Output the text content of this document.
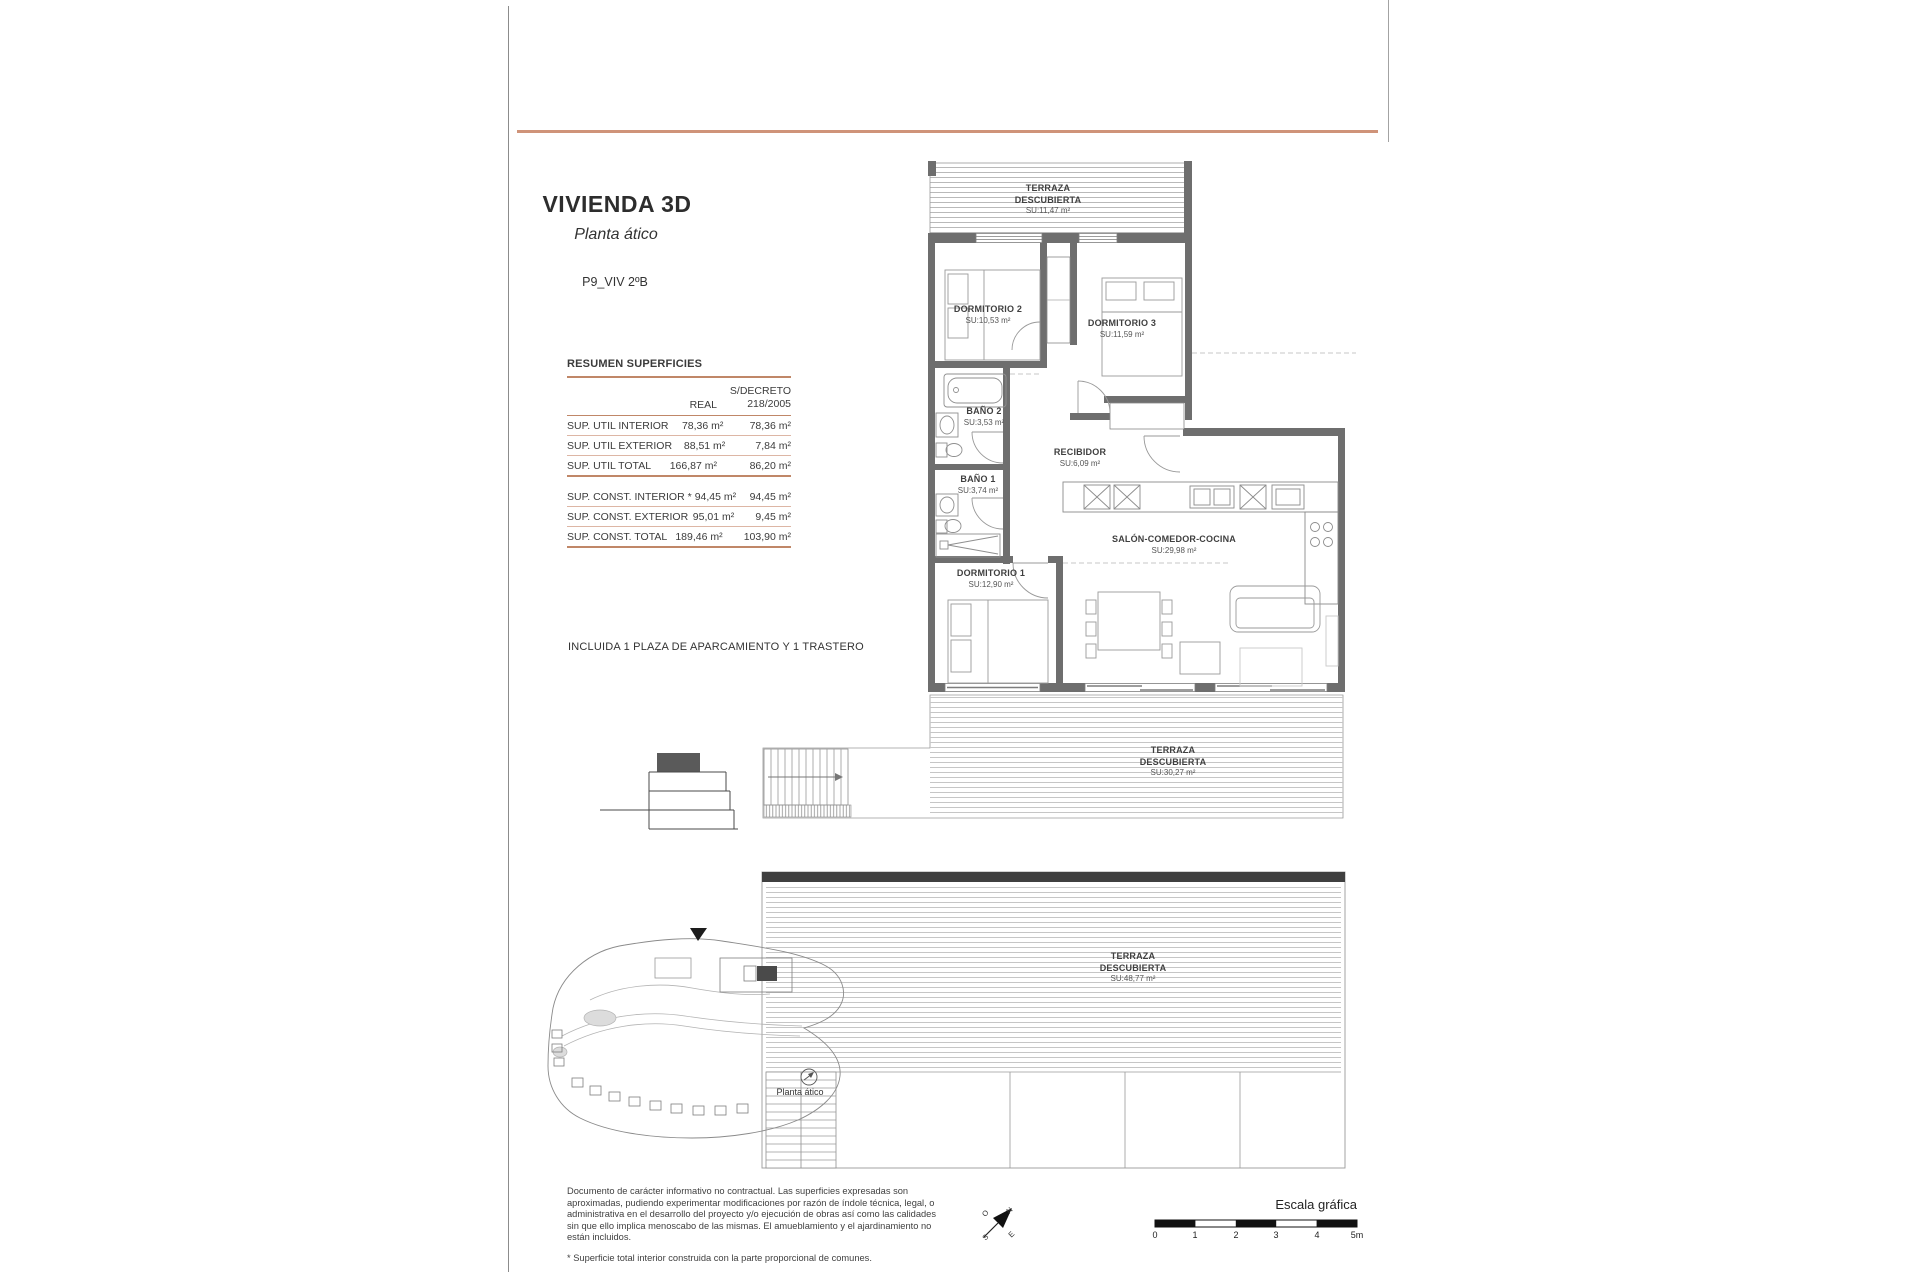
O N
S E
VIVIENDA 3D
Planta ático
P9_VIV 2ºB
RESUMEN SUPERFICIES
REAL
S/DECRETO
218/2005
SUP. UTIL INTERIOR	78,36 m²	78,36 m²
SUP. UTIL EXTERIOR	88,51 m²	7,84 m²
SUP. UTIL TOTAL	166,87 m²	86,20 m²
SUP. CONST. INTERIOR * 94,45 m²	94,45 m²
SUP. CONST. EXTERIOR 95,01 m²	9,45 m²
SUP. CONST. TOTAL 189,46 m²	103,90 m²
INCLUIDA 1 PLAZA DE APARCAMIENTO Y 1 TRASTERO
TERRAZA
DESCUBIERTA
SU:11,47 m²
DORMITORIO 2
SU:10,53 m²	DORMITORIO 3
SU:11,59 m²
BAÑO 2
SU:3,53 m²
BAÑO 1
SU:3,74 m²
RECIBIDOR
SU:6,09 m²
SALÓN-COMEDOR-COCINA
SU:29,98 m²
DORMITORIO 1
SU:12,90 m²
TERRAZA
DESCUBIERTA
SU:30,27 m²
TERRAZA
DESCUBIERTA
SU:48,77 m²
Planta ático
Documento de carácter informativo no contractual. Las superficies expresadas son aproximadas, pudiendo experimentar modificaciones por razón de índole técnica, legal, o administrativa en el desarrollo del proyecto y/o ejecución de obras así como las calidades sin que ello implica menoscabo de las mismas. El amueblamiento y el ajardinamiento no están incluidos.
* Superficie total interior construida con la parte proporcional de comunes.
Escala gráfica
0	1	2	3	4	5m
